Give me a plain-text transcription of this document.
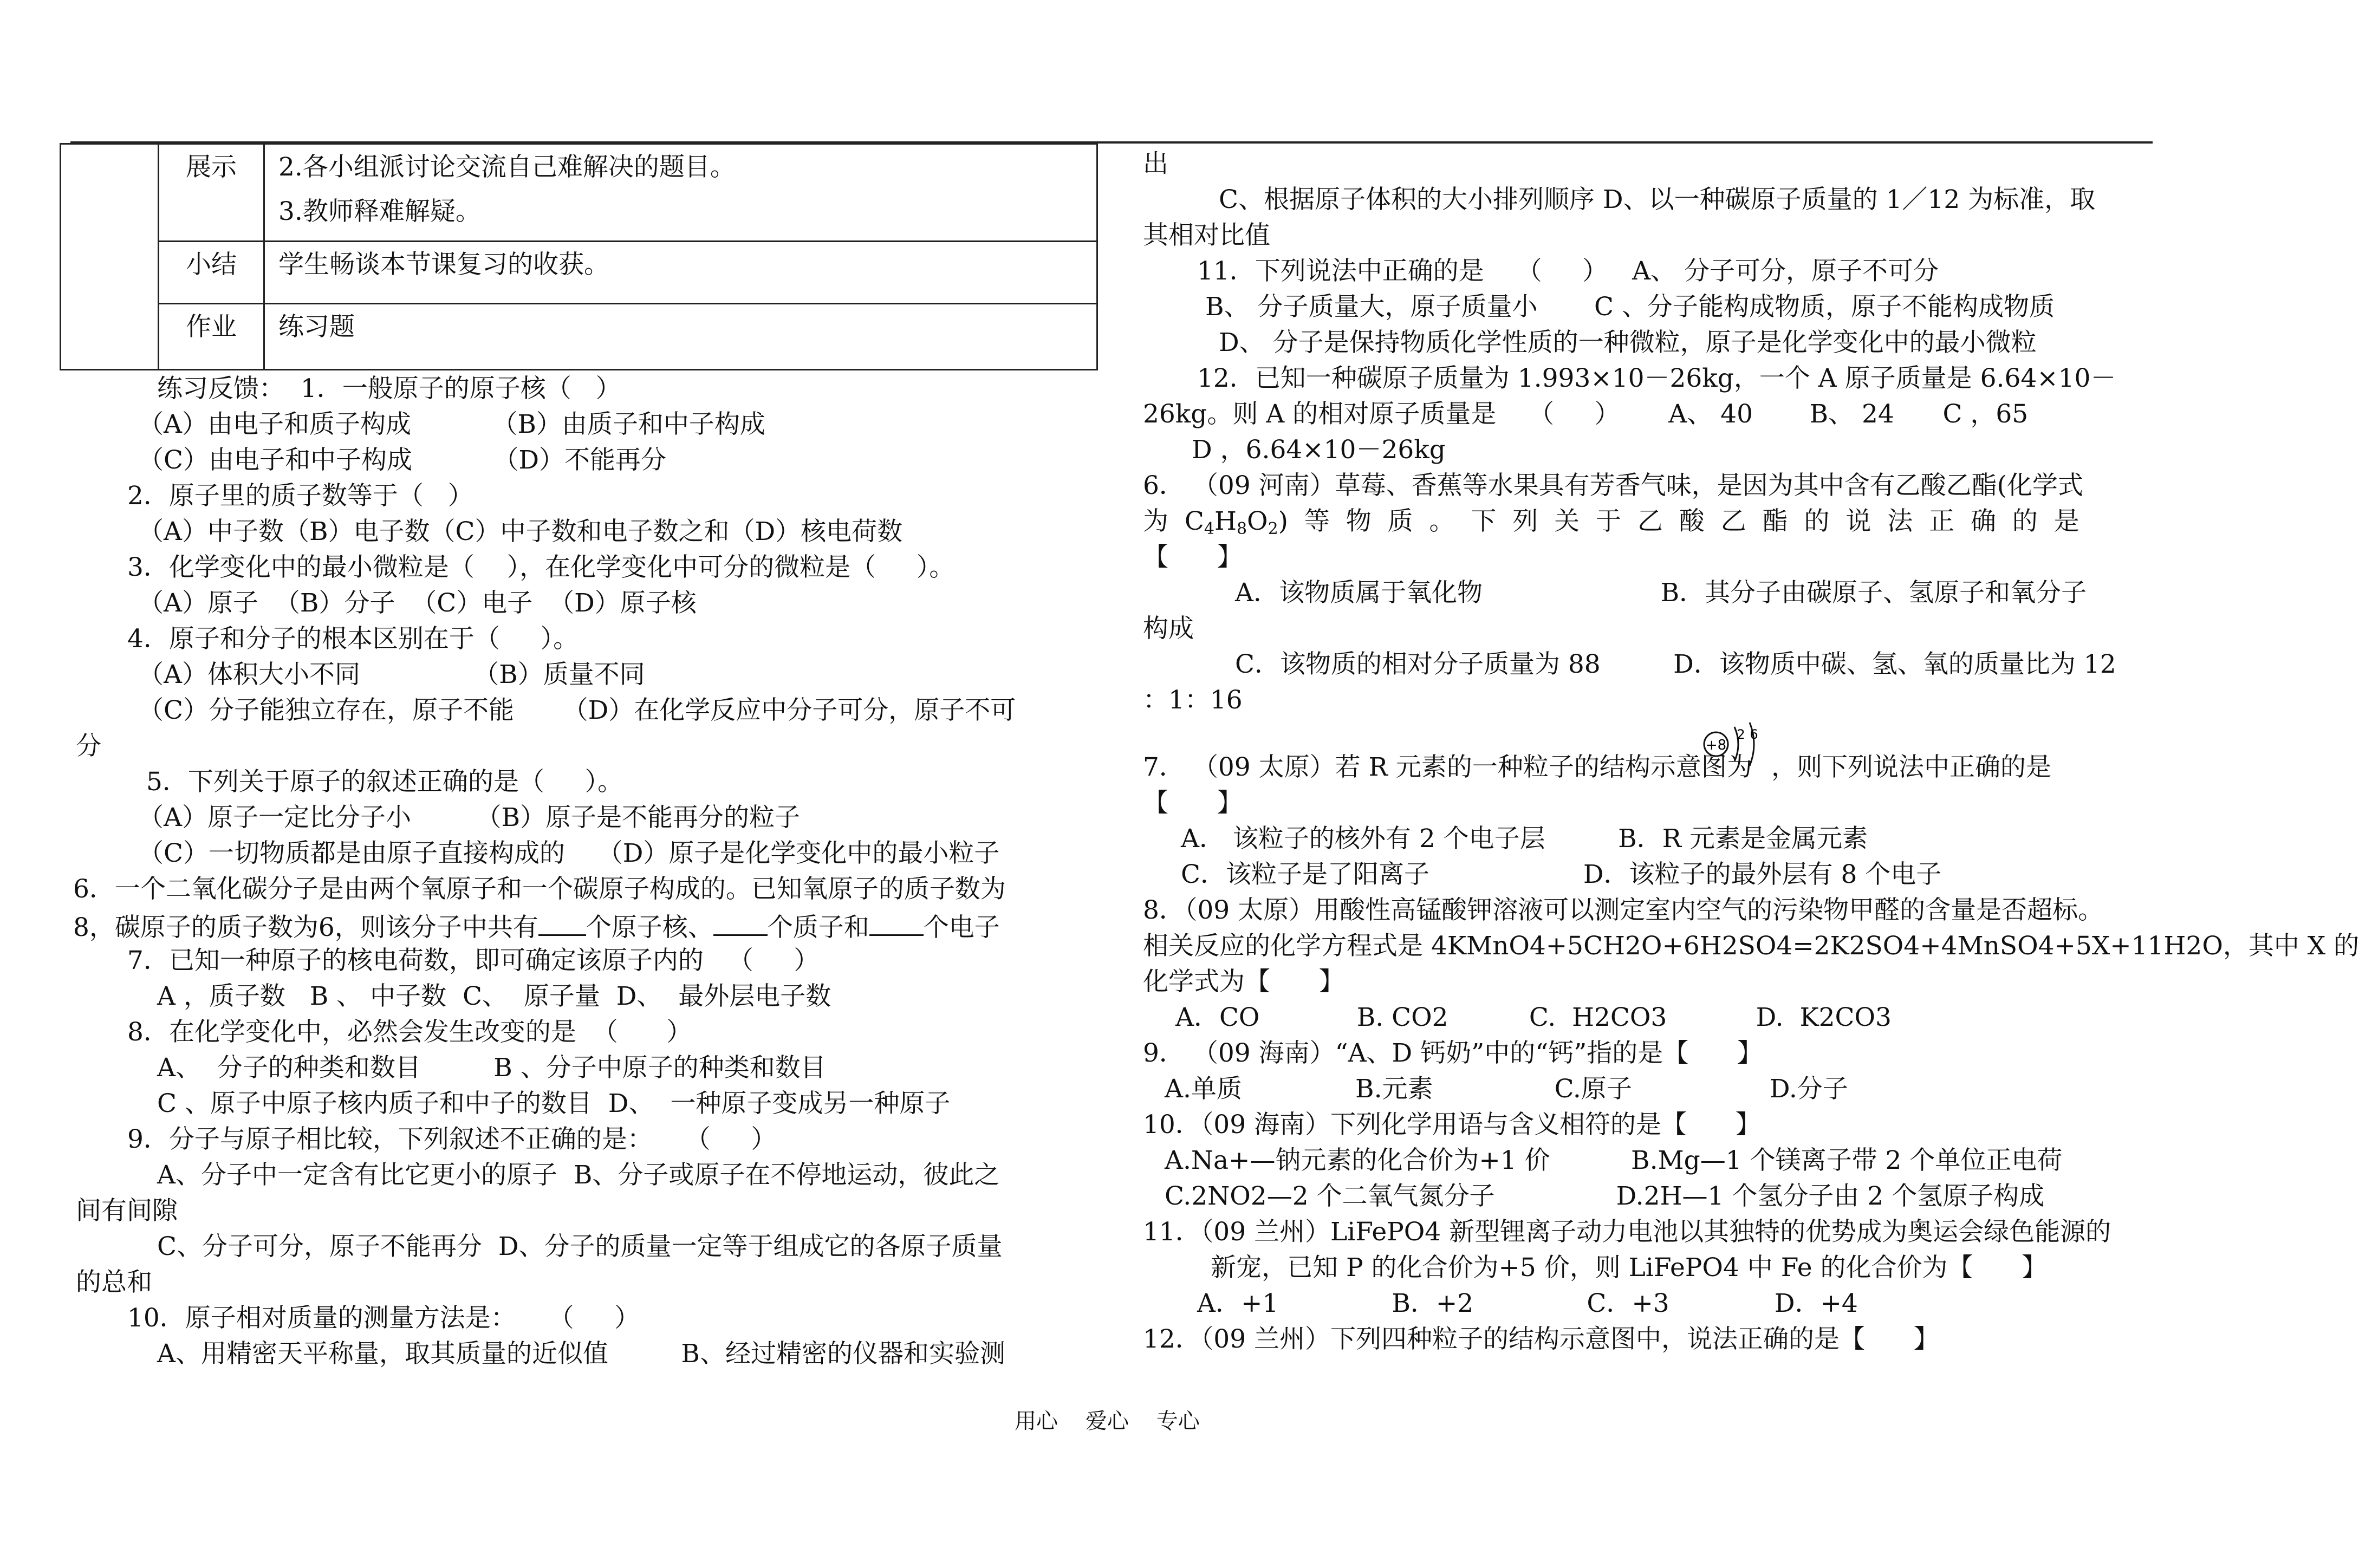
	展示	2.各小组派讨论交流自己难解决的题目。
3.教师释难解疑。

	小结	学生畅谈本节课复习的收获。

	作业	练习题
练习反馈：  1．一般原子的原子核（   ）
（A）由电子和质子构成          （B）由质子和中子构成
（C）由电子和中子构成          （D）不能再分
2．原子里的质子数等于（   ）
（A）中子数（B）电子数（C）中子数和电子数之和（D）核电荷数
3．化学变化中的最小微粒是（    ），在化学变化中可分的微粒是（     ）。
（A）原子  （B）分子  （C）电子  （D）原子核
4．原子和分子的根本区别在于（     ）。
（A）体积大小不同              （B）质量不同
（C）分子能独立存在，原子不能      （D）在化学反应中分子可分，原子不可
分
5．下列关于原子的叙述正确的是（     ）。
（A）原子一定比分子小        （B）原子是不能再分的粒子
（C）一切物质都是由原子直接构成的    （D）原子是化学变化中的最小粒子
6．一个二氧化碳分子是由两个氧原子和一个碳原子构成的。已知氧原子的质子数为
8，碳原子的质子数为6，则该分子中共有 个原子核、 个质子和 个电子
7．已知一种原子的核电荷数，即可确定该原子内的   （     ）
A ，质子数   B 、 中子数  C、  原子量  D、  最外层电子数
8．在化学变化中，必然会发生改变的是  （      ）
A、  分子的种类和数目         B 、分子中原子的种类和数目
C 、原子中原子核内质子和中子的数目  D、  一种原子变成另一种原子
9．分子与原子相比较，下列叙述不正确的是：    （     ）
A、分子中一定含有比它更小的原子  B、分子或原子在不停地运动，彼此之
间有间隙
C、分子可分，原子不能再分  D、分子的质量一定等于组成它的各原子质量
的总和
10．原子相对质量的测量方法是：    （     ）
A、用精密天平称量，取其质量的近似值         B、经过精密的仪器和实验测
出
C、根据原子体积的大小排列顺序 D、以一种碳原子质量的 1／12 为标准，取
其相对比值
11．下列说法中正确的是    （     ）   A、 分子可分，原子不可分
B、 分子质量大，原子质量小       C 、分子能构成物质，原子不能构成物质
D、 分子是保持物质化学性质的一种微粒，原子是化学变化中的最小微粒
12．已知一种碳原子质量为 1.993×10－26kg，一个 A 原子质量是 6.64×10－
26kg。则 A 的相对原子质量是    （     ）      A、 40       B、 24      C ，65
D ，6.64×10－26kg
6． （09 河南）草莓、香蕉等水果具有芳香气味，是因为其中含有乙酸乙酯(化学式
为  $C_4H_8O_2$)  等  物  质  。  下  列  关  于  乙  酸  乙  酯  的  说  法  正  确  的  是
【      】
A．该物质属于氧化物                      B．其分子由碳原子、氢原子和氧分子
构成
C．该物质的相对分子质量为 88         D．该物质中碳、氢、氧的质量比为 12
：1：16
7． （09 太原）若 R 元素的一种粒子的结构示意图为 ，则下列说法中正确的是
【      】
A． 该粒子的核外有 2 个电子层         B．R 元素是金属元素
C．该粒子是了阳离子                   D．该粒子的最外层有 8 个电子
8．（09 太原）用酸性高锰酸钾溶液可以测定室内空气的污染物甲醛的含量是否超标。
相关反应的化学方程式是 4KMnO4+5CH2O+6H2SO4=2K2SO4+4MnSO4+5X+11H2O，其中 X 的
化学式为【      】
A．CO            B. CO2          C.  H2CO3           D.  K2CO3
9． （09 海南）“A、D 钙奶”中的“钙”指的是【      】
A.单质              B.元素               C.原子                 D.分子
10．（09 海南）下列化学用语与含义相符的是【      】
A.Na+—钠元素的化合价为+1 价          B.Mg—1 个镁离子带 2 个单位正电荷
C.2NO2—2 个二氧气氮分子               D.2H—1 个氢分子由 2 个氢原子构成
11．（09 兰州）LiFePO4 新型锂离子动力电池以其独特的优势成为奥运会绿色能源的
新宠，已知 P 的化合价为+5 价，则 LiFePO4 中 Fe 的化合价为【      】
A．+1              B．+2              C．+3             D．+4
12．（09 兰州）下列四种粒子的结构示意图中，说法正确的是【      】
+8
2 6
用心    爱心    专心
